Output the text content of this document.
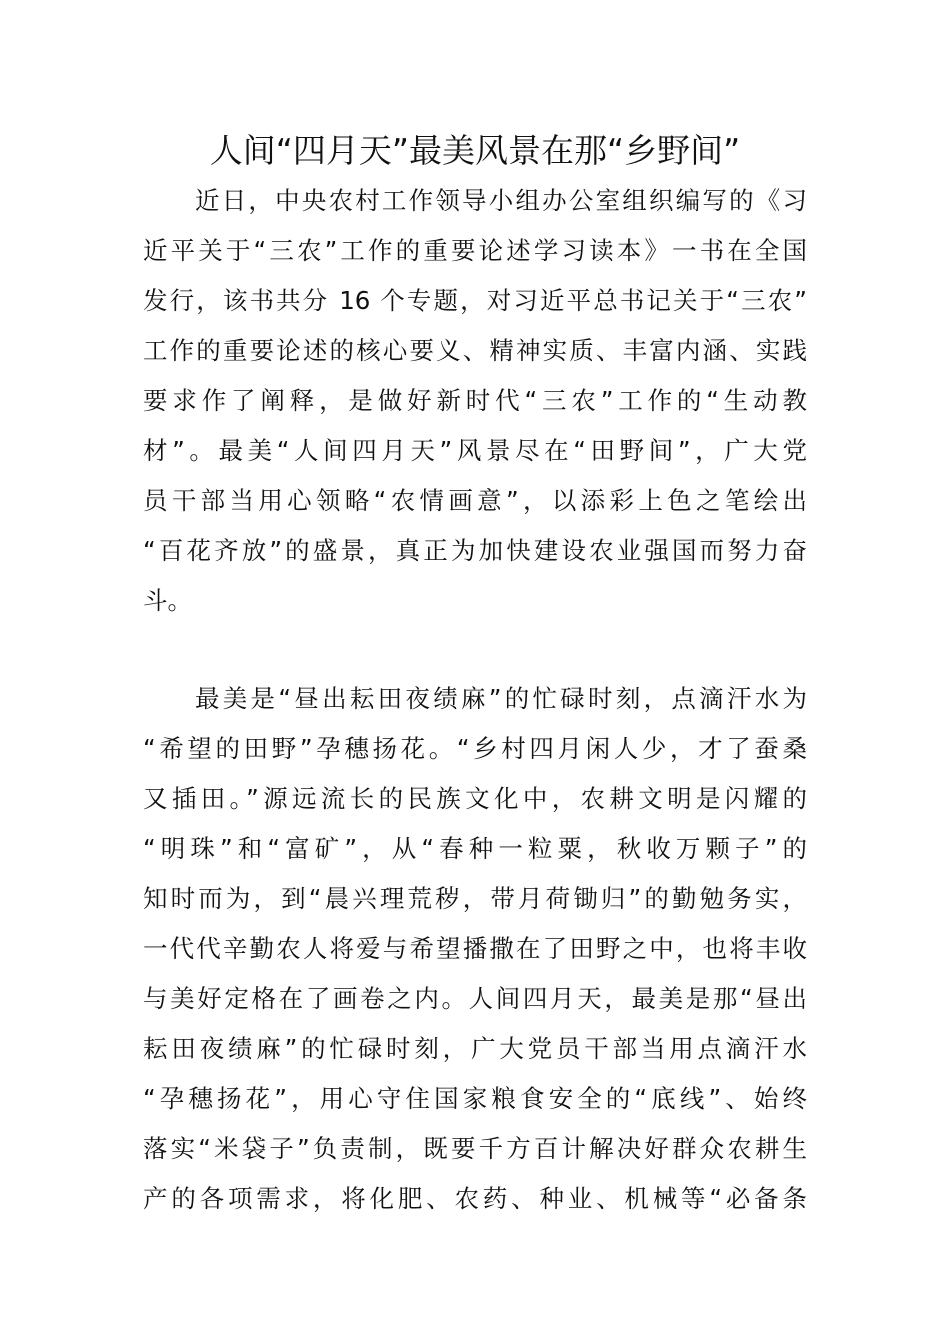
人间“四月天”最美风景在那“乡野间”
近日，中央农村工作领导小组办公室组织编写的《习
近平关于“三农”工作的重要论述学习读本》一书在全国
发行，该书共分 16 个专题，对习近平总书记关于“三农”
工作的重要论述的核心要义、精神实质、丰富内涵、实践
要求作了阐释，是做好新时代“三农”工作的“生动教
材”。最美“人间四月天”风景尽在“田野间”，广大党
员干部当用心领略“农情画意”，以添彩上色之笔绘出
“百花齐放”的盛景，真正为加快建设农业强国而努力奋
斗。
最美是“昼出耘田夜绩麻”的忙碌时刻，点滴汗水为
“希望的田野”孕穗扬花。“乡村四月闲人少，才了蚕桑
又插田。”源远流长的民族文化中，农耕文明是闪耀的
“明珠”和“富矿”，从“春种一粒粟，秋收万颗子”的
知时而为，到“晨兴理荒秽，带月荷锄归”的勤勉务实，
一代代辛勤农人将爱与希望播撒在了田野之中，也将丰收
与美好定格在了画卷之内。人间四月天，最美是那“昼出
耘田夜绩麻”的忙碌时刻，广大党员干部当用点滴汗水
“孕穗扬花”，用心守住国家粮食安全的“底线”、始终
落实“米袋子”负责制，既要千方百计解决好群众农耕生
产的各项需求，将化肥、农药、种业、机械等“必备条
